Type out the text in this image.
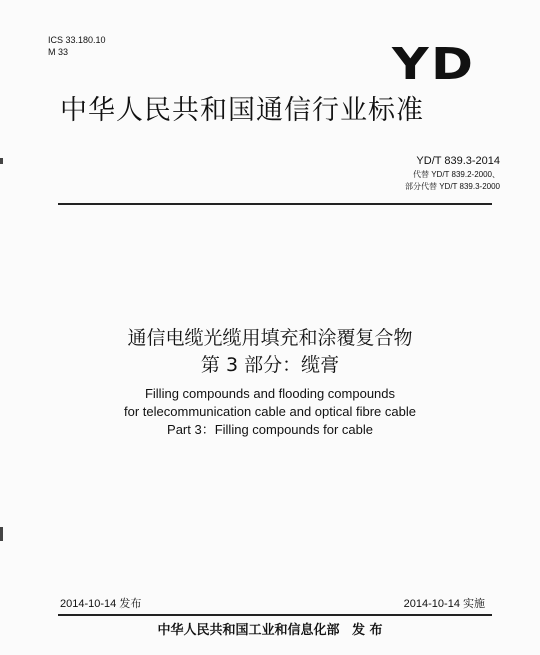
ICS 33.180.10
M 33	YD
中华人民共和国通信行业标准
YD/T 839.3-2014
代替 YD/T 839.2-2000、
部分代替 YD/T 839.3-2000
通信电缆光缆用填充和涂覆复合物
第 3 部分：缆膏
Filling compounds and flooding compounds
for telecommunication cable and optical fibre cable
Part 3：Filling compounds for cable
2014-10-14 发布	2014-10-14 实施
中华人民共和国工业和信息化部 发 布
